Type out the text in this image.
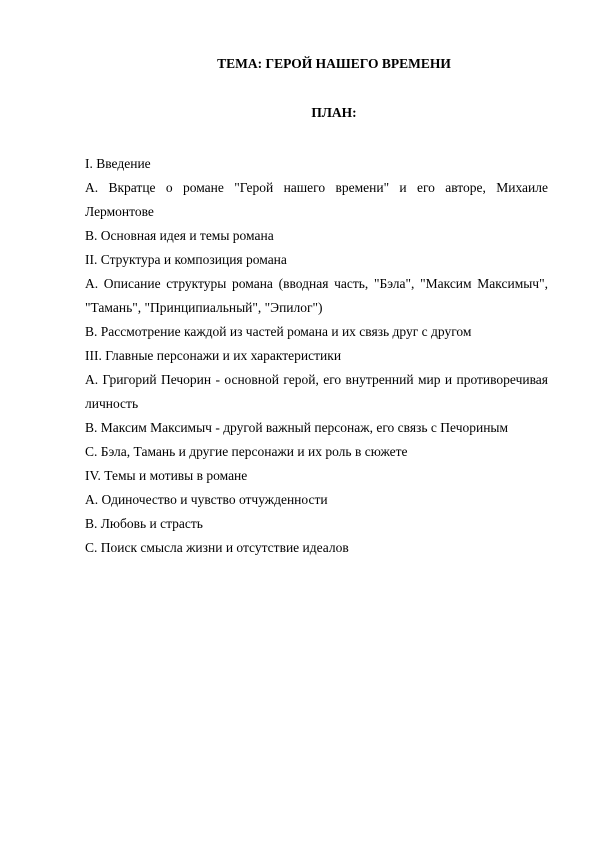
ТЕМА: ГЕРОЙ НАШЕГО ВРЕМЕНИ
ПЛАН:

I. Введение

A. Вкратце о романе "Герой нашего времени" и его авторе, Михаиле Лермонтове

B. Основная идея и темы романа

II. Структура и композиция романа

A. Описание структуры романа (вводная часть, "Бэла", "Максим Максимыч", "Тамань", "Принципиальный", "Эпилог")

B. Рассмотрение каждой из частей романа и их связь друг с другом

III. Главные персонажи и их характеристики

A. Григорий Печорин - основной герой, его внутренний мир и противоречивая личность

B. Максим Максимыч - другой важный персонаж, его связь с Печориным

C. Бэла, Тамань и другие персонажи и их роль в сюжете

IV. Темы и мотивы в романе

A. Одиночество и чувство отчужденности

B. Любовь и страсть

C. Поиск смысла жизни и отсутствие идеалов
